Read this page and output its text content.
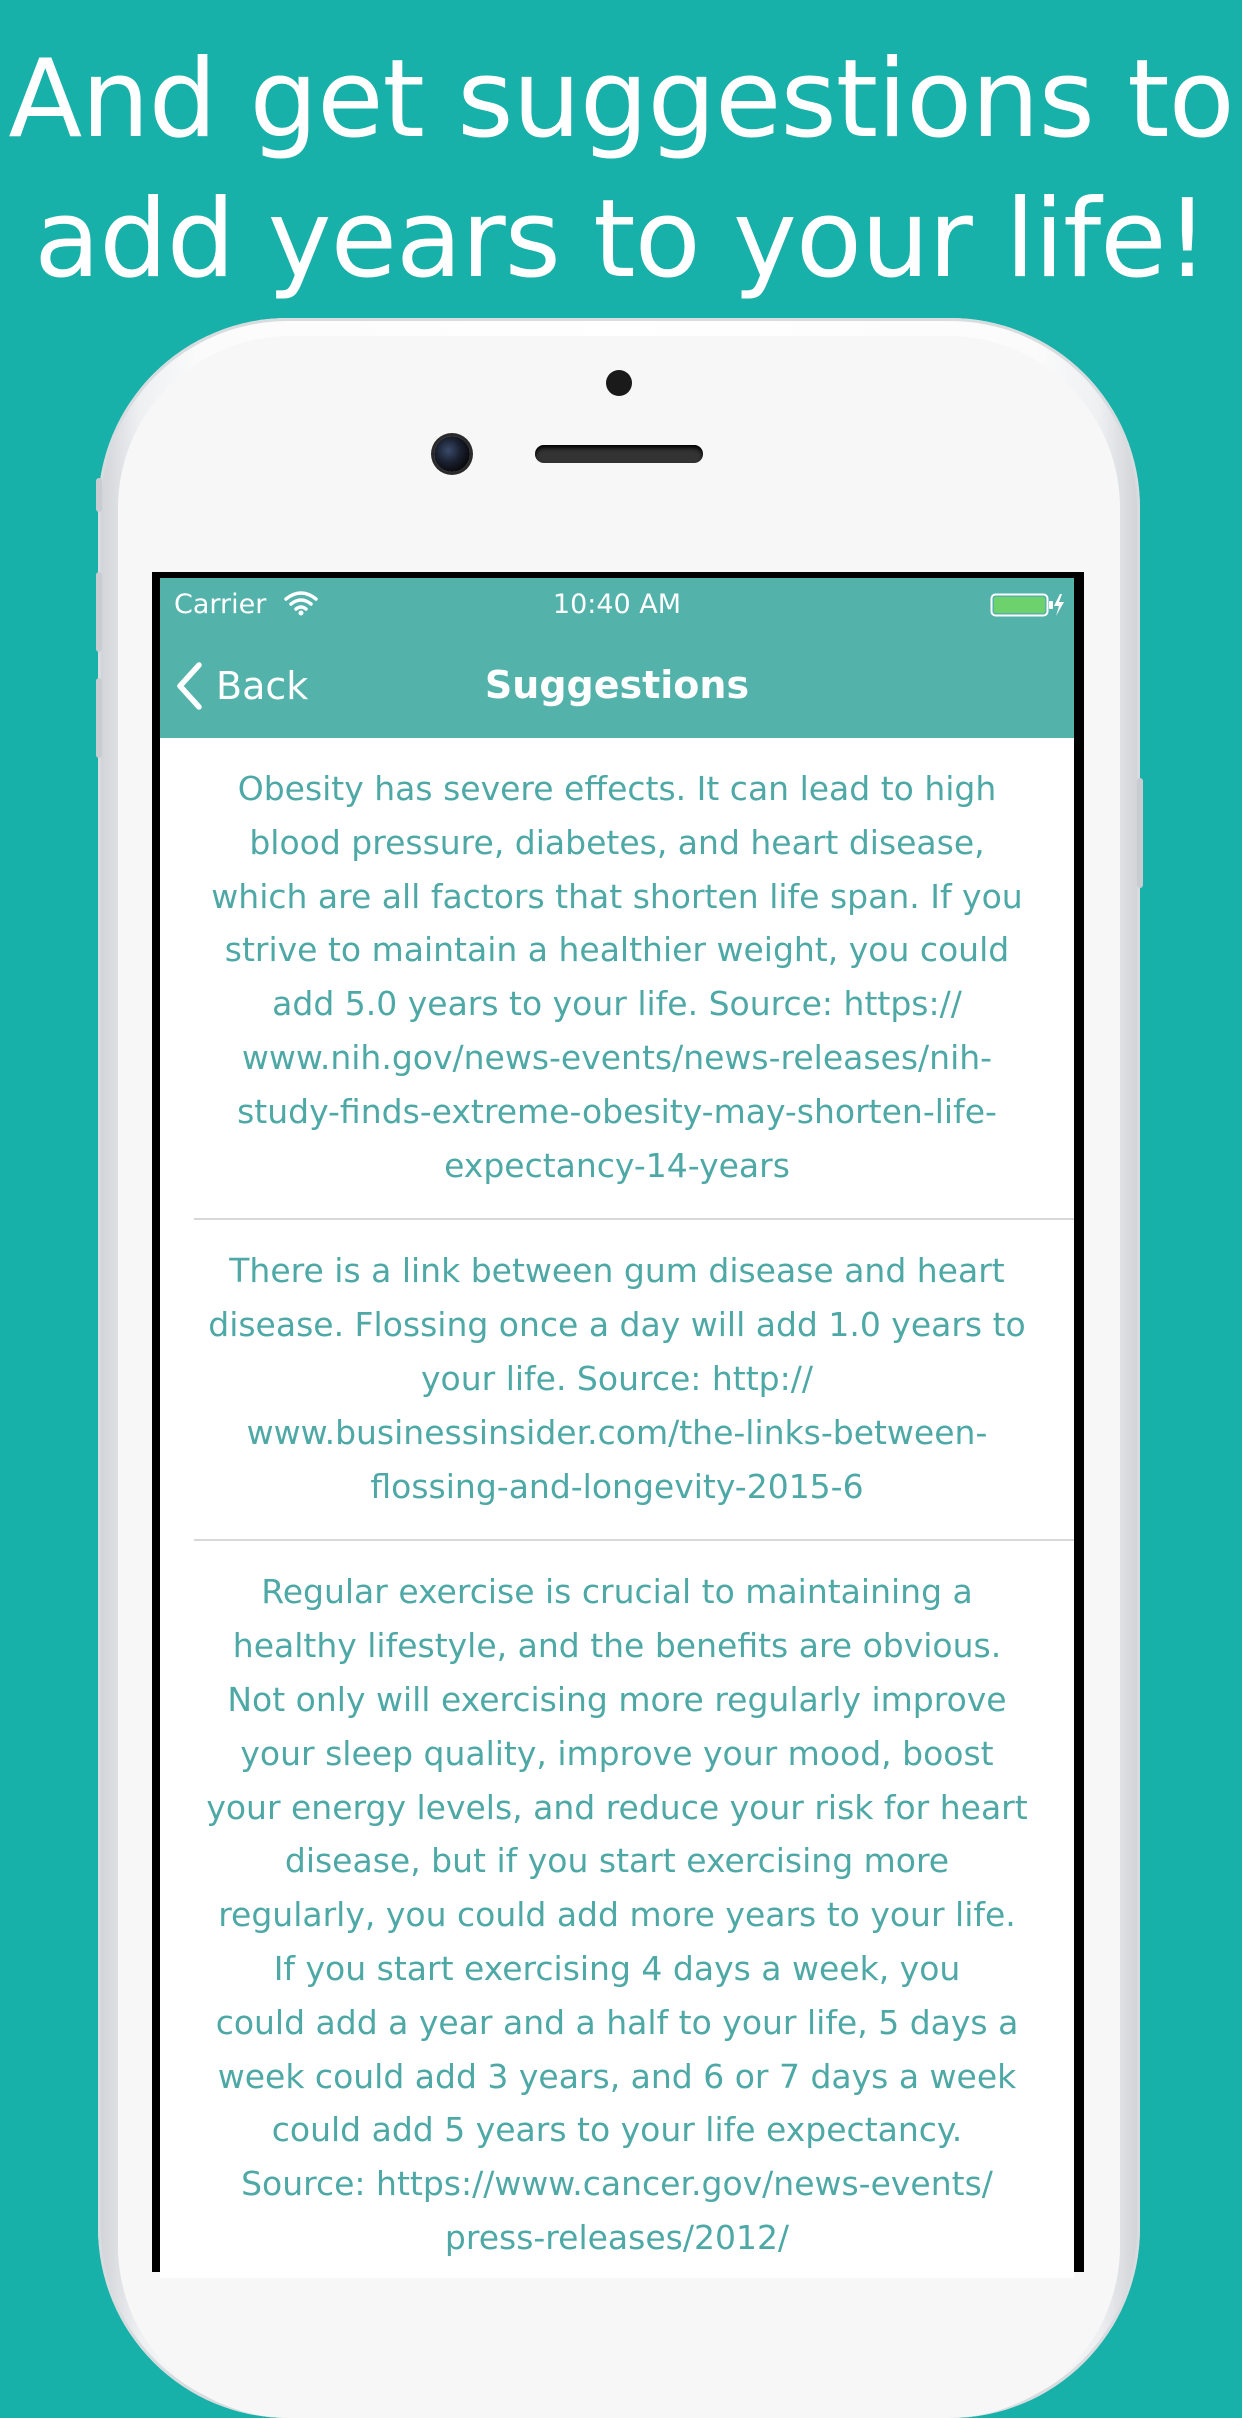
And get suggestions to
add years to your life!
Carrier	10:40 AM
Back	Suggestions
Obesity has severe effects. It can lead to high
blood pressure, diabetes, and heart disease,
which are all factors that shorten life span. If you
strive to maintain a healthier weight, you could
add 5.0 years to your life. Source: https://
www.nih.gov/news-events/news-releases/nih-
study-finds-extreme-obesity-may-shorten-life-
expectancy-14-years
There is a link between gum disease and heart
disease. Flossing once a day will add 1.0 years to
your life. Source: http://
www.businessinsider.com/the-links-between-
flossing-and-longevity-2015-6
Regular exercise is crucial to maintaining a
healthy lifestyle, and the benefits are obvious.
Not only will exercising more regularly improve
your sleep quality, improve your mood, boost
your energy levels, and reduce your risk for heart
disease, but if you start exercising more
regularly, you could add more years to your life.
If you start exercising 4 days a week, you
could add a year and a half to your life, 5 days a
week could add 3 years, and 6 or 7 days a week
could add 5 years to your life expectancy.
Source: https://www.cancer.gov/news-events/
press-releases/2012/
